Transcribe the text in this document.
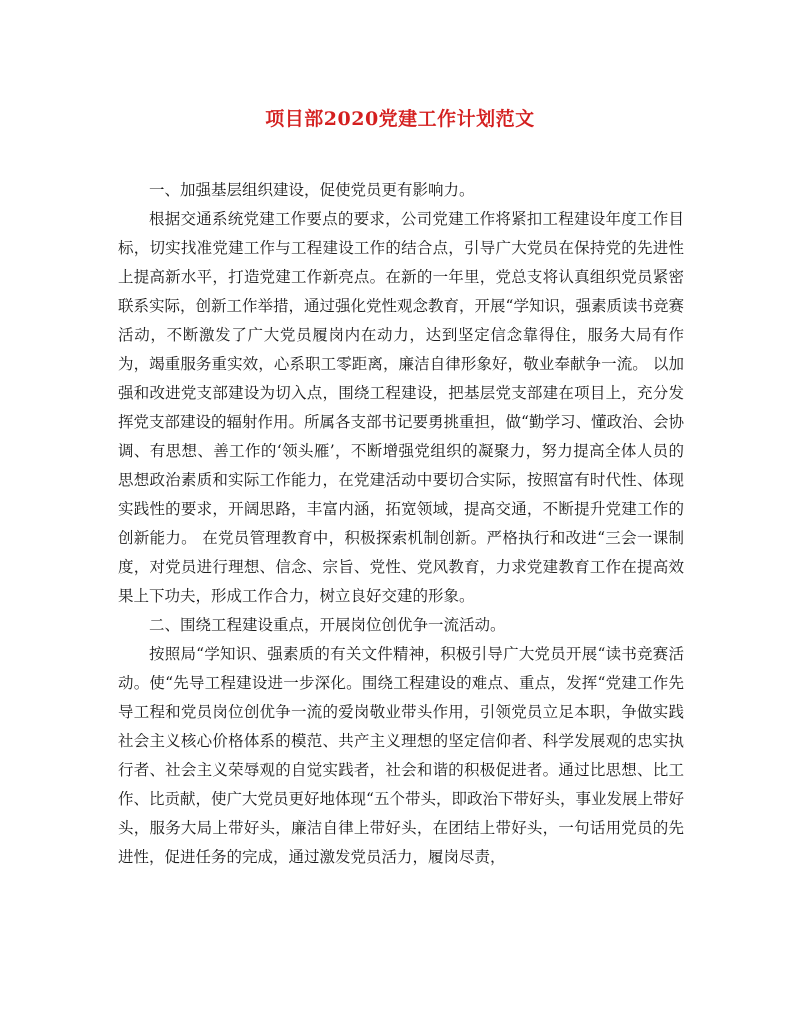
项目部2020党建工作计划范文

一、加强基层组织建设，促使党员更有影响力。

根据交通系统党建工作要点的要求，公司党建工作将紧扣工程建设年度工作目标，切实找准党建工作与工程建设工作的结合点，引导广大党员在保持党的先进性上提高新水平，打造党建工作新亮点。在新的一年里，党总支将认真组织党员紧密联系实际，创新工作举措，通过强化党性观念教育，开展“学知识，强素质读书竞赛活动，不断激发了广大党员履岗内在动力，达到坚定信念靠得住，服务大局有作为，竭重服务重实效，心系职工零距离，廉洁自律形象好，敬业奉献争一流。 以加强和改进党支部建设为切入点，围绕工程建设，把基层党支部建在项目上，充分发挥党支部建设的辐射作用。所属各支部书记要勇挑重担，做“勤学习、懂政治、会协调、有思想、善工作的‘领头雁’，不断增强党组织的凝聚力，努力提高全体人员的思想政治素质和实际工作能力，在党建活动中要切合实际，按照富有时代性、体现实践性的要求，开阔思路，丰富内涵，拓宽领域，提高交通，不断提升党建工作的创新能力。 在党员管理教育中，积极探索机制创新。严格执行和改进“三会一课制度，对党员进行理想、信念、宗旨、党性、党风教育，力求党建教育工作在提高效果上下功夫，形成工作合力，树立良好交建的形象。

二、围绕工程建设重点，开展岗位创优争一流活动。

按照局“学知识、强素质的有关文件精神，积极引导广大党员开展“读书竞赛活动。使“先导工程建设进一步深化。围绕工程建设的难点、重点，发挥“党建工作先导工程和党员岗位创优争一流的爱岗敬业带头作用，引领党员立足本职，争做实践社会主义核心价格体系的模范、共产主义理想的坚定信仰者、科学发展观的忠实执行者、社会主义荣辱观的自觉实践者，社会和谐的积极促进者。通过比思想、比工作、比贡献，使广大党员更好地体现“五个带头，即政治下带好头，事业发展上带好头，服务大局上带好头，廉洁自律上带好头，在团结上带好头，一句话用党员的先进性，促进任务的完成，通过激发党员活力，履岗尽责，
